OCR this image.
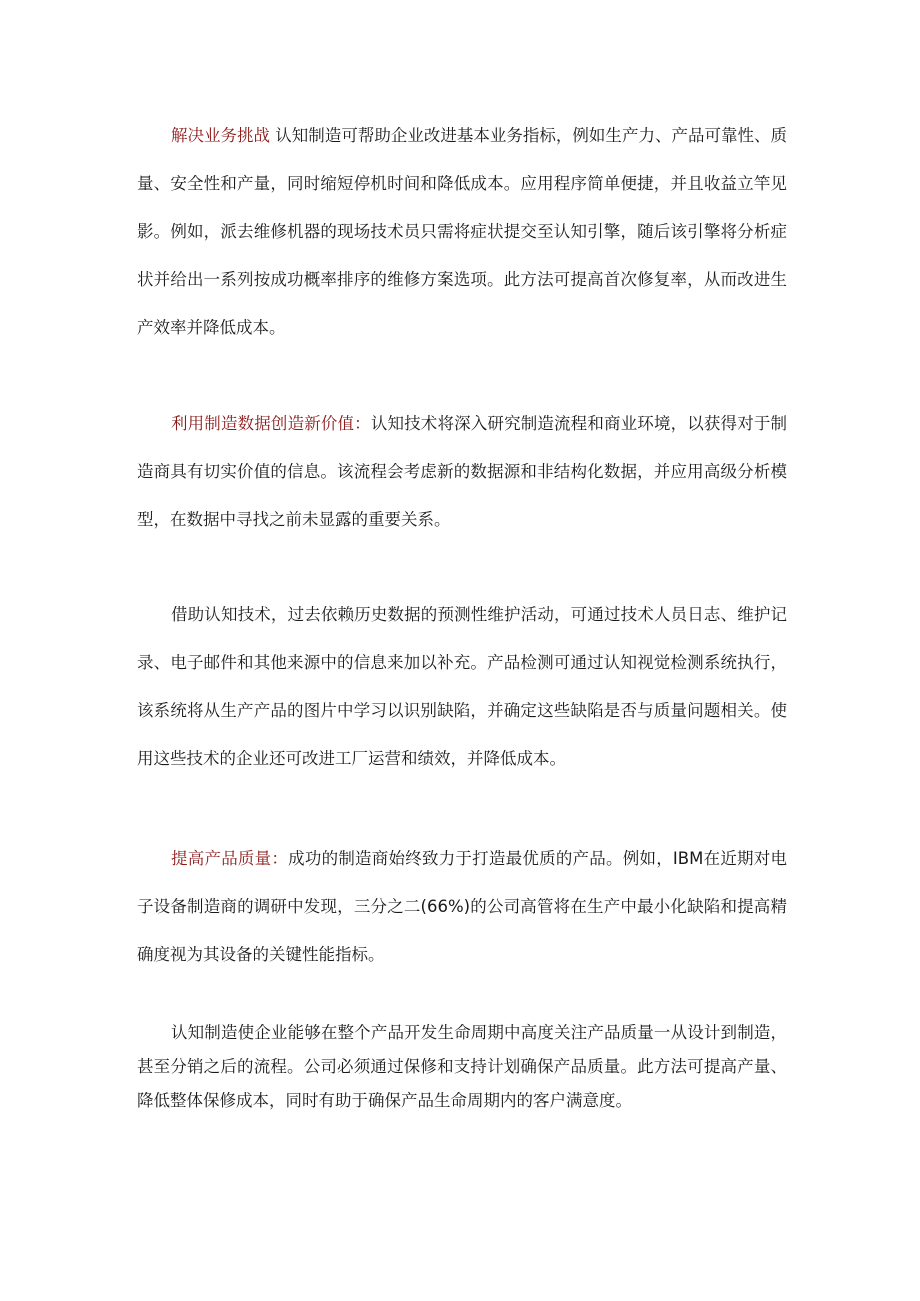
解决业务挑战 认知制造可帮助企业改进基本业务指标，例如生产力、产品可靠性、质量、安全性和产量，同时缩短停机时间和降低成本。应用程序简单便捷，并且收益立竿见影。例如，派去维修机器的现场技术员只需将症状提交至认知引擎，随后该引擎将分析症状并给出一系列按成功概率排序的维修方案选项。此方法可提高首次修复率，从而改进生产效率并降低成本。

利用制造数据创造新价值：认知技术将深入研究制造流程和商业环境，以获得对于制造商具有切实价值的信息。该流程会考虑新的数据源和非结构化数据，并应用高级分析模型，在数据中寻找之前未显露的重要关系。

借助认知技术，过去依赖历史数据的预测性维护活动，可通过技术人员日志、维护记录、电子邮件和其他来源中的信息来加以补充。产品检测可通过认知视觉检测系统执行，该系统将从生产产品的图片中学习以识别缺陷，并确定这些缺陷是否与质量问题相关。使用这些技术的企业还可改进工厂运营和绩效，并降低成本。

提高产品质量：成功的制造商始终致力于打造最优质的产品。例如，IBM在近期对电子设备制造商的调研中发现，三分之二(66%)的公司高管将在生产中最小化缺陷和提高精确度视为其设备的关键性能指标。

认知制造使企业能够在整个产品开发生命周期中高度关注产品质量一从设计到制造，甚至分销之后的流程。公司必须通过保修和支持计划确保产品质量。此方法可提高产量、降低整体保修成本，同时有助于确保产品生命周期内的客户满意度。
